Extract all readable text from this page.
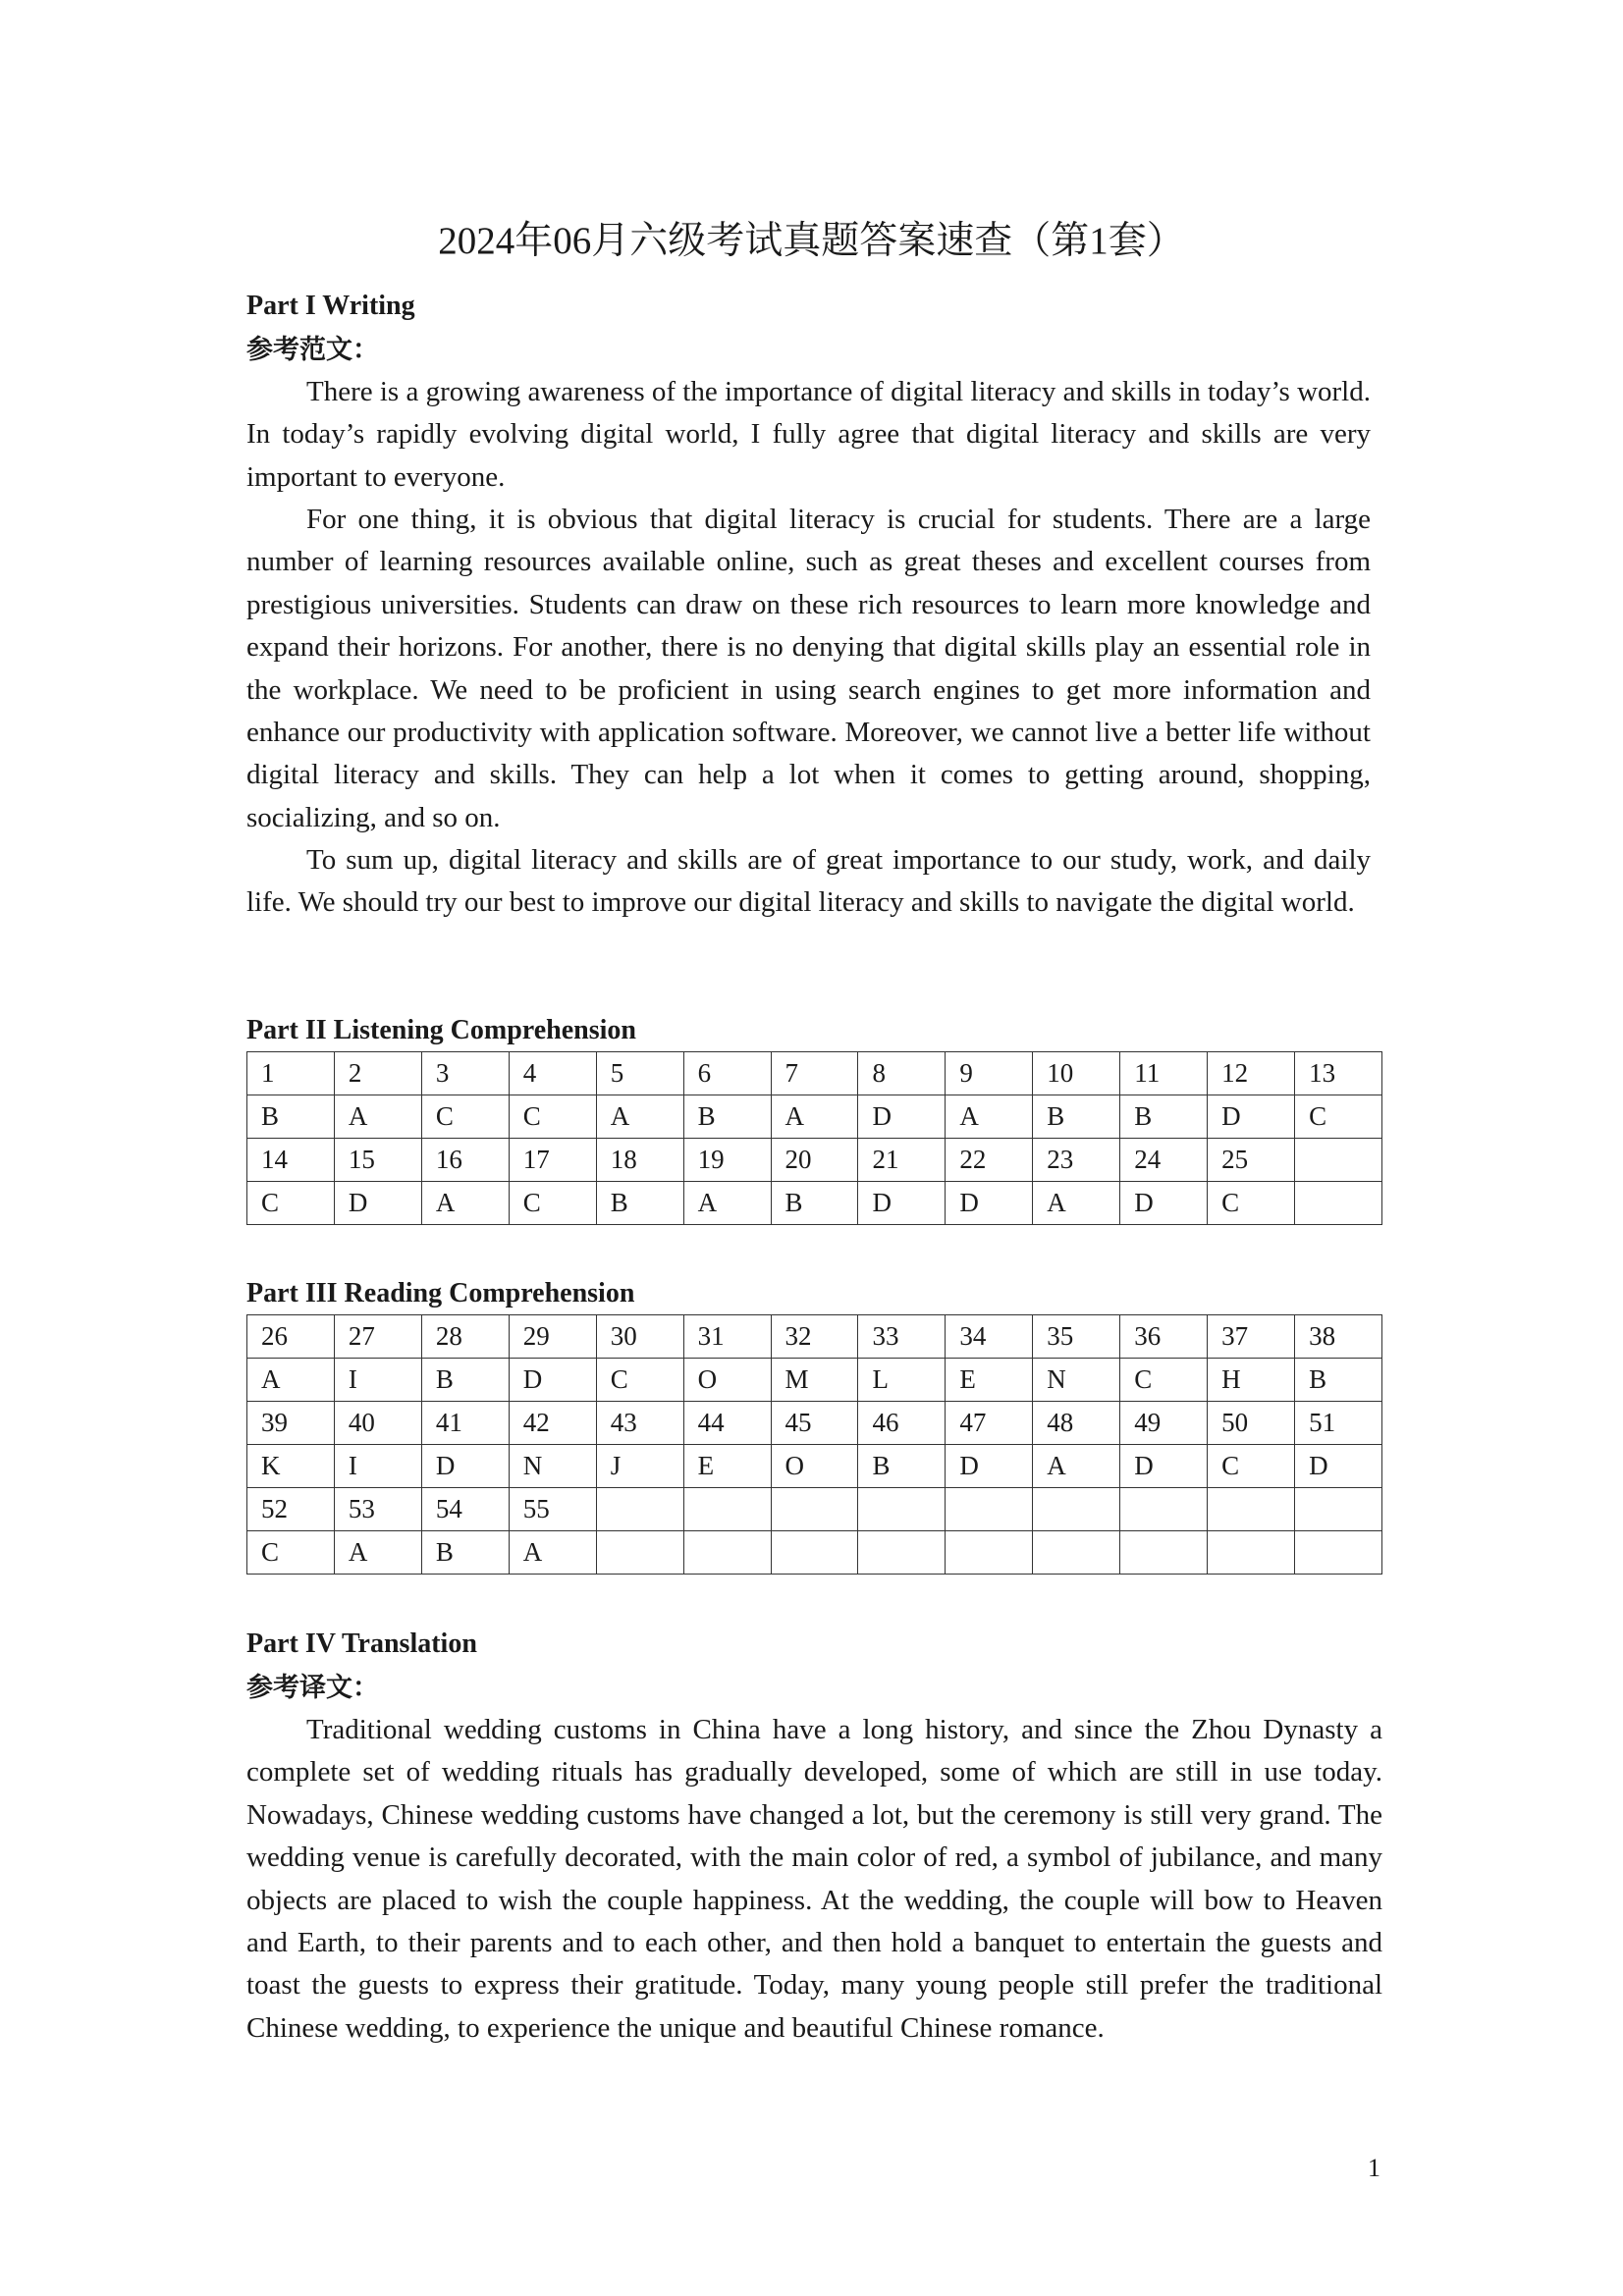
2024年06月六级考试真题答案速查（第1套）
Part I Writing
参考范文：

There is a growing awareness of the importance of digital literacy and skills in today’s world. In today’s rapidly evolving digital world, I fully agree that digital literacy and skills are very important to everyone.

For one thing, it is obvious that digital literacy is crucial for students. There are a large number of learning resources available online, such as great theses and excellent courses from prestigious universities. Students can draw on these rich resources to learn more knowledge and expand their horizons. For another, there is no denying that digital skills play an essential role in the workplace. We need to be proficient in using search engines to get more information and enhance our productivity with application software. Moreover, we cannot live a better life without digital literacy and skills. They can help a lot when it comes to getting around, shopping, socializing, and so on.

To sum up, digital literacy and skills are of great importance to our study, work, and daily life. We should try our best to improve our digital literacy and skills to navigate the digital world.

Part II Listening Comprehension
1	2	3	4	5	6	7	8	9	10	11	12	13
B	A	C	C	A	B	A	D	A	B	B	D	C
14	15	16	17	18	19	20	21	22	23	24	25	
C	D	A	C	B	A	B	D	D	A	D	C	
Part III Reading Comprehension
26	27	28	29	30	31	32	33	34	35	36	37	38
A	I	B	D	C	O	M	L	E	N	C	H	B
39	40	41	42	43	44	45	46	47	48	49	50	51
K	I	D	N	J	E	O	B	D	A	D	C	D
52	53	54	55									
C	A	B	A									
Part IV Translation
参考译文：

Traditional wedding customs in China have a long history, and since the Zhou Dynasty a complete set of wedding rituals has gradually developed, some of which are still in use today. Nowadays, Chinese wedding customs have changed a lot, but the ceremony is still very grand. The wedding venue is carefully decorated, with the main color of red, a symbol of jubilance, and many objects are placed to wish the couple happiness. At the wedding, the couple will bow to Heaven and Earth, to their parents and to each other, and then hold a banquet to entertain the guests and toast the guests to express their gratitude. Today, many young people still prefer the traditional Chinese wedding, to experience the unique and beautiful Chinese romance.

1
